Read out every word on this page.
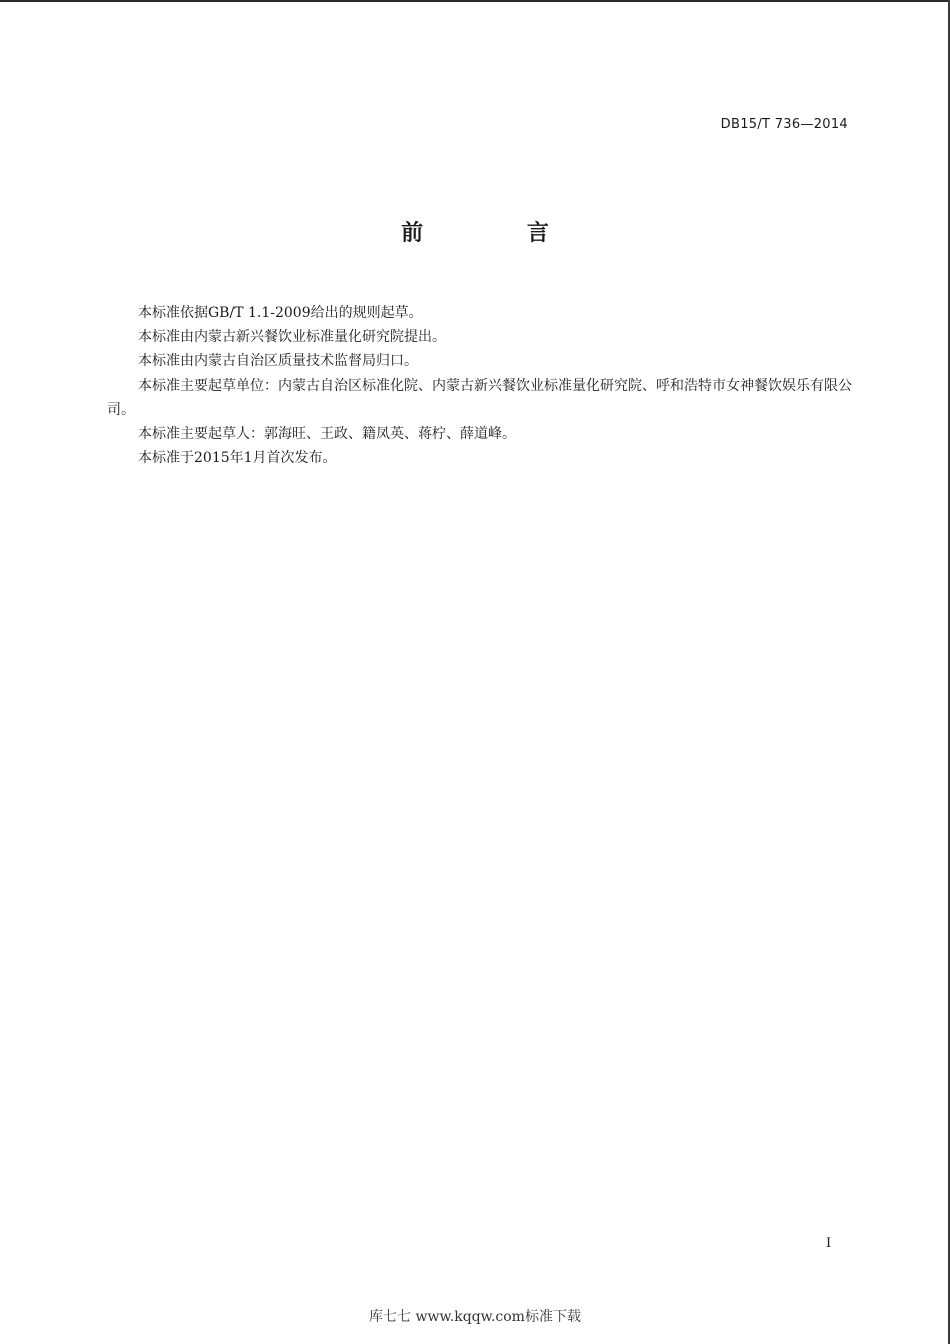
DB15/T 736—2014
前 言

本标准依据GB/T 1.1-2009给出的规则起草。

本标准由内蒙古新兴餐饮业标准量化研究院提出。

本标准由内蒙古自治区质量技术监督局归口。

本标准主要起草单位：内蒙古自治区标准化院、内蒙古新兴餐饮业标准量化研究院、呼和浩特市女神餐饮娱乐有限公司。

本标准主要起草人：郭海旺、王政、籍凤英、蒋柠、薛道峰。

本标准于2015年1月首次发布。

I
库七七 www.kqqw.com标准下载
